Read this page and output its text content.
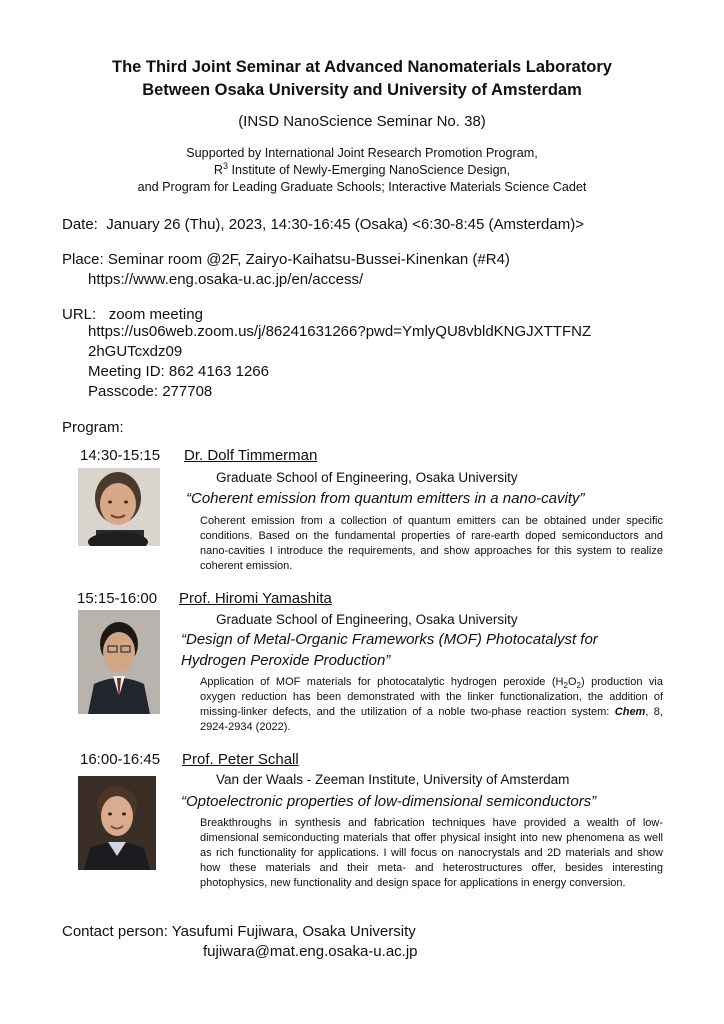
The Third Joint Seminar at Advanced Nanomaterials Laboratory
Between Osaka University and University of Amsterdam
(INSD NanoScience Seminar No. 38)
Supported by International Joint Research Promotion Program,
$R^3$ Institute of Newly-Emerging NanoScience Design,
and Program for Leading Graduate Schools; Interactive Materials Science Cadet
Date: January 26 (Thu), 2023, 14:30-16:45 (Osaka) <6:30-8:45 (Amsterdam)>
Place: Seminar room @2F, Zairyo-Kaihatsu-Bussei-Kinenkan (#R4)
https://www.eng.osaka-u.ac.jp/en/access/
URL: zoom meeting
https://us06web.zoom.us/j/86241631266?pwd=YmlyQU8vbldKNGJXTTFNZ
2hGUTcxdz09
Meeting ID: 862 4163 1266
Passcode: 277708
Program:
14:30-15:15 Dr. Dolf Timmerman
Graduate School of Engineering, Osaka University
“Coherent emission from quantum emitters in a nano-cavity”
Coherent emission from a collection of quantum emitters can be obtained under specific conditions. Based on the fundamental properties of rare-earth doped semiconductors and nano-cavities I introduce the requirements, and show approaches for this system to realize coherent emission.
15:15-16:00 Prof. Hiromi Yamashita
Graduate School of Engineering, Osaka University
“Design of Metal-Organic Frameworks (MOF) Photocatalyst for
Hydrogen Peroxide Production”
Application of MOF materials for photocatalytic hydrogen peroxide $(H_2O_2)$ production via oxygen reduction has been demonstrated with the linker functionalization, the addition of missing-linker defects, and the utilization of a noble two-phase reaction system: Chem, 8, 2924-2934 (2022).
16:00-16:45 Prof. Peter Schall
Van der Waals - Zeeman Institute, University of Amsterdam
“Optoelectronic properties of low-dimensional semiconductors”
Breakthroughs in synthesis and fabrication techniques have provided a wealth of low-dimensional semiconducting materials that offer physical insight into new phenomena as well as rich functionality for applications. I will focus on nanocrystals and 2D materials and show how these materials and their meta- and heterostructures offer, besides interesting photophysics, new functionality and design space for applications in energy conversion.
Contact person: Yasufumi Fujiwara, Osaka University
fujiwara@mat.eng.osaka-u.ac.jp
